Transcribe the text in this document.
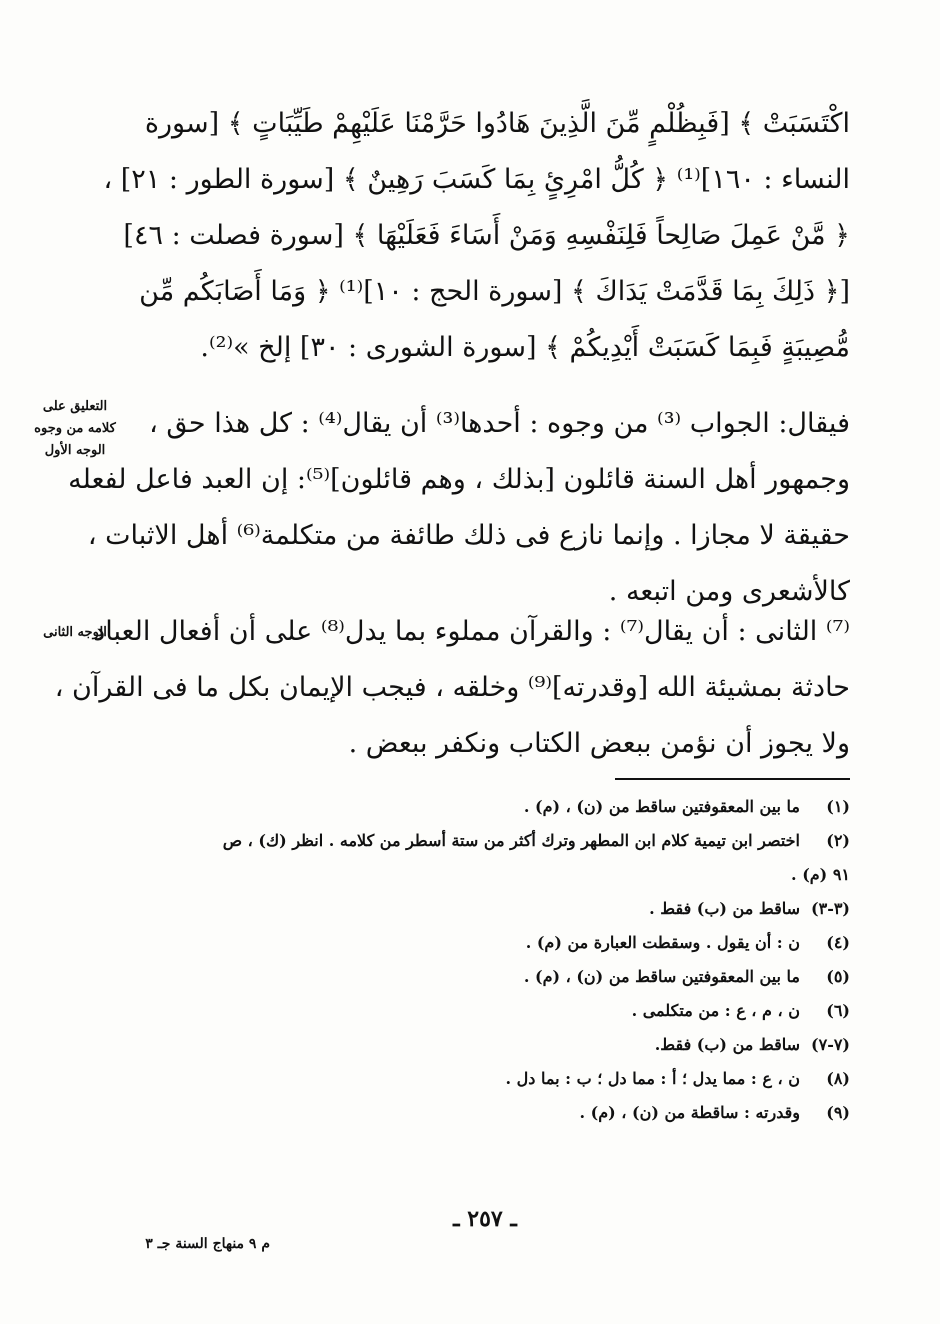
اكْتَسَبَتْ ﴾ [فَبِظُلْمٍ مِّنَ الَّذِينَ هَادُوا حَرَّمْنَا عَلَيْهِمْ طَيِّبَاتٍ ﴾ [سورة
النساء : ١٦٠]⁽¹⁾ ﴿ كُلُّ امْرِئٍ بِمَا كَسَبَ رَهِينٌ ﴾ [سورة الطور : ٢١] ،
﴿ مَّنْ عَمِلَ صَالِحاً فَلِنَفْسِهِ وَمَنْ أَسَاءَ فَعَلَيْهَا ﴾ [سورة فصلت : ٤٦]
[﴿ ذَلِكَ بِمَا قَدَّمَتْ يَدَاكَ ﴾ [سورة الحج : ١٠]⁽¹⁾ ﴿ وَمَا أَصَابَكُم مِّن
مُّصِيبَةٍ فَبِمَا كَسَبَتْ أَيْدِيكُمْ ﴾ [سورة الشورى : ٣٠] إلخ »⁽²⁾.
التعليق على
كلامه من وجوه
الوجه الأول
فيقال: الجواب ⁽³⁾ من وجوه : أحدها⁽³⁾ أن يقال⁽⁴⁾ : كل هذا حق ،
وجمهور أهل السنة قائلون [بذلك ، وهم قائلون]⁽⁵⁾: إن العبد فاعل لفعله
حقيقة لا مجازا . وإنما نازع فى ذلك طائفة من متكلمة⁽⁶⁾ أهل الاثبات ،
كالأشعرى ومن اتبعه .
الوجه الثانى
⁽⁷⁾ الثانى : أن يقال⁽⁷⁾ : والقرآن مملوء بما يدل⁽⁸⁾ على أن أفعال العباد
حادثة بمشيئة الله [وقدرته]⁽⁹⁾ وخلقه ، فيجب الإيمان بكل ما فى القرآن ،
ولا يجوز أن نؤمن ببعض الكتاب ونكفر ببعض .
(١)
ما بين المعقوفتين ساقط من (ن) ، (م) .
(٢)
اختصر ابن تيمية كلام ابن المطهر وترك أكثر من ستة أسطر من كلامه . انظر (ك) ، ص
٩١ (م) .
(٣-٣)
ساقط من (ب) فقط .
(٤)
ن : أن يقول . وسقطت العبارة من (م) .
(٥)
ما بين المعقوفتين ساقط من (ن) ، (م) .
(٦)
ن ، م ، ع : من متكلمى .
(٧-٧)
ساقط من (ب) فقط.
(٨)
ن ، ع : مما يدل ؛ أ : مما دل ؛ ب : بما دل .
(٩)
وقدرته : ساقطة من (ن) ، (م) .
ـ ٢٥٧ ـ
م ٩ منهاج السنة جـ ٣
